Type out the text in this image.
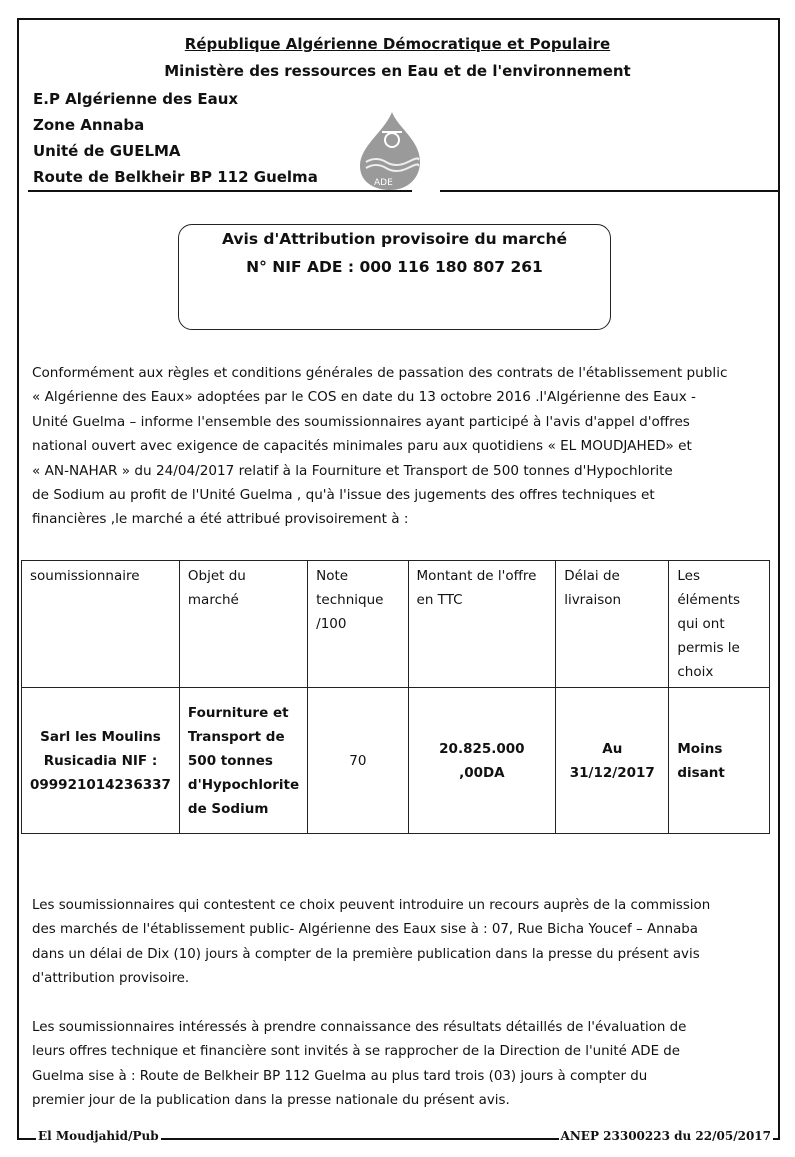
République Algérienne Démocratique et Populaire
Ministère des ressources en Eau et de l'environnement
E.P Algérienne des Eaux
Zone Annaba
Unité de GUELMA
Route de Belkheir BP 112 Guelma	ADE
Avis d'Attribution provisoire du marché
N° NIF ADE : 000 116 180 807 261
Conformément aux règles et conditions générales de passation des contrats de l'établissement public
« Algérienne des Eaux» adoptées par le COS en date du 13 octobre 2016 .l'Algérienne des Eaux -
Unité Guelma – informe l'ensemble des soumissionnaires ayant participé à l'avis d'appel d'offres
national ouvert avec exigence de capacités minimales paru aux quotidiens « EL MOUDJAHED» et
« AN-NAHAR » du 24/04/2017 relatif à la Fourniture et Transport de 500 tonnes d'Hypochlorite
de Sodium au profit de l'Unité Guelma , qu'à l'issue des jugements des offres techniques et
financières ,le marché a été attribué provisoirement à :
soumissionnaire	Objet du marché	Note technique /100	Montant de l'offre en TTC	Délai de livraison	Les éléments qui ont permis le choix
Sarl les Moulins Rusicadia NIF : 099921014236337	Fourniture et Transport de 500 tonnes d'Hypochlorite de Sodium	70	20.825.000 ,00DA	Au 31/12/2017	Moins disant
Les soumissionnaires qui contestent ce choix peuvent introduire un recours auprès de la commission
des marchés de l'établissement public- Algérienne des Eaux sise à : 07, Rue Bicha Youcef – Annaba
dans un délai de Dix (10) jours à compter de la première publication dans la presse du présent avis
d'attribution provisoire.
Les soumissionnaires intéressés à prendre connaissance des résultats détaillés de l'évaluation de
leurs offres technique et financière sont invités à se rapprocher de la Direction de l'unité ADE de
Guelma sise à : Route de Belkheir BP 112 Guelma au plus tard trois (03) jours à compter du
premier jour de la publication dans la presse nationale du présent avis.
El Moudjahid/Pub	ANEP 23300223 du 22/05/2017
